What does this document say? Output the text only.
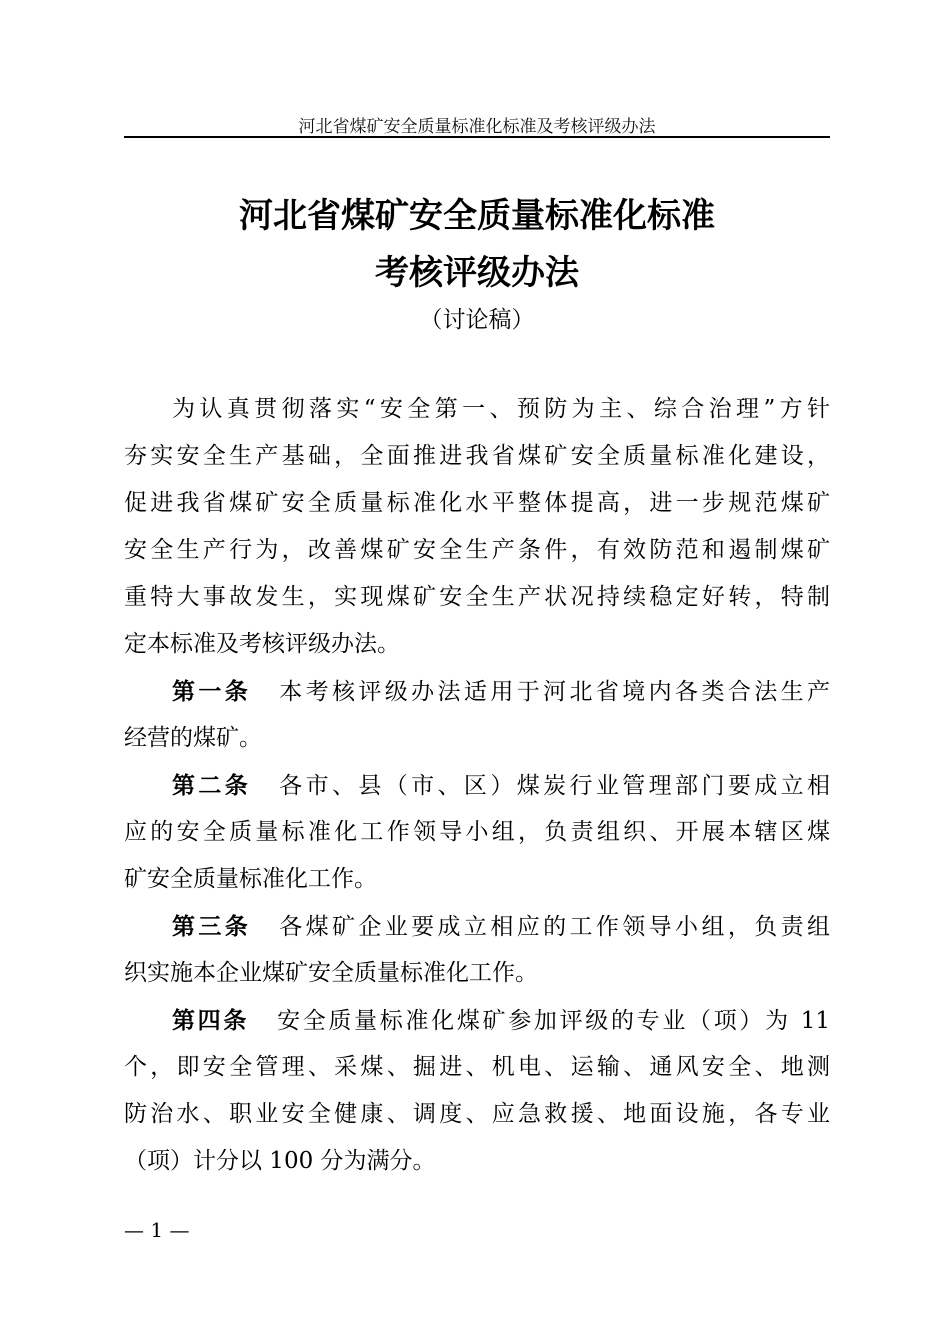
河北省煤矿安全质量标准化标准及考核评级办法
河北省煤矿安全质量标准化标准
考核评级办法
（讨论稿）
为认真贯彻落实“安全第一、预防为主、综合治理”方针
夯实安全生产基础，全面推进我省煤矿安全质量标准化建设，
促进我省煤矿安全质量标准化水平整体提高，进一步规范煤矿
安全生产行为，改善煤矿安全生产条件，有效防范和遏制煤矿
重特大事故发生，实现煤矿安全生产状况持续稳定好转，特制
定本标准及考核评级办法。
第一条 本考核评级办法适用于河北省境内各类合法生产
经营的煤矿。
第二条 各市、县（市、区）煤炭行业管理部门要成立相
应的安全质量标准化工作领导小组，负责组织、开展本辖区煤
矿安全质量标准化工作。
第三条 各煤矿企业要成立相应的工作领导小组，负责组
织实施本企业煤矿安全质量标准化工作。
第四条 安全质量标准化煤矿参加评级的专业（项）为 11
个，即安全管理、采煤、掘进、机电、运输、通风安全、地测
防治水、职业安全健康、调度、应急救援、地面设施，各专业
（项）计分以 100 分为满分。
— 1 —
